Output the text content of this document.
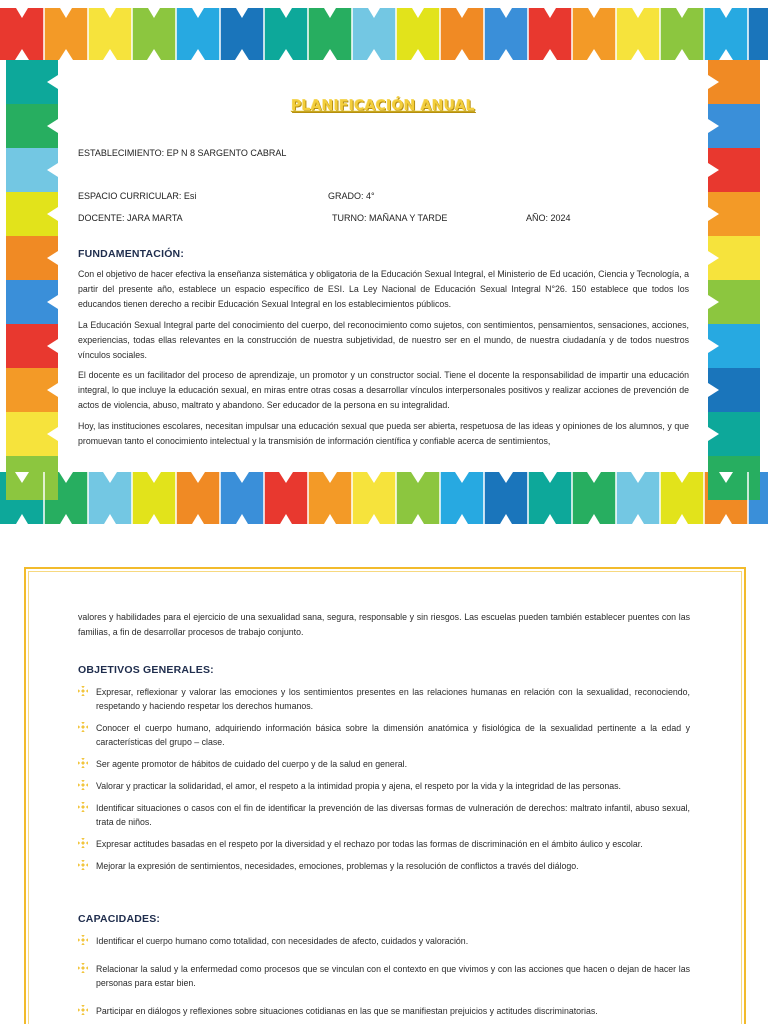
PLANIFICACIÓN ANUAL
ESTABLECIMIENTO: EP N 8 SARGENTO CABRAL
ESPACIO CURRICULAR: Esi	GRADO: 4°
DOCENTE: JARA MARTA	TURNO: MAÑANA Y TARDE	AÑO: 2024
FUNDAMENTACIÓN:

Con el objetivo de hacer efectiva la enseñanza sistemática y obligatoria de la Educación Sexual Integral, el Ministerio de Ed ucación, Ciencia y Tecnología, a partir del presente año, establece un espacio específico de ESI. La Ley Nacional de Educación Sexual Integral N°26. 150 establece que todos los educandos tienen derecho a recibir Educación Sexual Integral en los establecimientos públicos.

La Educación Sexual Integral parte del conocimiento del cuerpo, del reconocimiento como sujetos, con sentimientos, pensamientos, sensaciones, acciones, experiencias, todas ellas relevantes en la construcción de nuestra subjetividad, de nuestro ser en el mundo, de nuestra ciudadanía y de todos nuestros vínculos sociales.

El docente es un facilitador del proceso de aprendizaje, un promotor y un constructor social. Tiene el docente la responsabilidad de impartir una educación integral, lo que incluye la educación sexual, en miras entre otras cosas a desarrollar vínculos interpersonales positivos y realizar acciones de prevención de actos de violencia, abuso, maltrato y abandono. Ser educador de la persona en su integralidad.

Hoy, las instituciones escolares, necesitan impulsar una educación sexual que pueda ser abierta, respetuosa de las ideas y opiniones de los alumnos, y que promuevan tanto el conocimiento intelectual y la transmisión de información científica y confiable acerca de sentimientos,

valores y habilidades para el ejercicio de una sexualidad sana, segura, responsable y sin riesgos. Las escuelas pueden también establecer puentes con las familias, a fin de desarrollar procesos de trabajo conjunto.

OBJETIVOS GENERALES:
Expresar, reflexionar y valorar las emociones y los sentimientos presentes en las relaciones humanas en relación con la sexualidad, reconociendo, respetando y haciendo respetar los derechos humanos.
Conocer el cuerpo humano, adquiriendo información básica sobre la dimensión anatómica y fisiológica de la sexualidad pertinente a la edad y características del grupo – clase.
Ser agente promotor de hábitos de cuidado del cuerpo y de la salud en general.
Valorar y practicar la solidaridad, el amor, el respeto a la intimidad propia y ajena, el respeto por la vida y la integridad de las personas.
Identificar situaciones o casos con el fin de identificar la prevención de las diversas formas de vulneración de derechos: maltrato infantil, abuso sexual, trata de niños.
Expresar actitudes basadas en el respeto por la diversidad y el rechazo por todas las formas de discriminación en el ámbito áulico y escolar.
Mejorar la expresión de sentimientos, necesidades, emociones, problemas y la resolución de conflictos a través del diálogo.
CAPACIDADES:
Identificar el cuerpo humano como totalidad, con necesidades de afecto, cuidados y valoración.
Relacionar la salud y la enfermedad como procesos que se vinculan con el contexto en que vivimos y con las acciones que hacen o dejan de hacer las personas para estar bien.
Participar en diálogos y reflexiones sobre situaciones cotidianas en las que se manifiestan prejuicios y actitudes discriminatorias.
